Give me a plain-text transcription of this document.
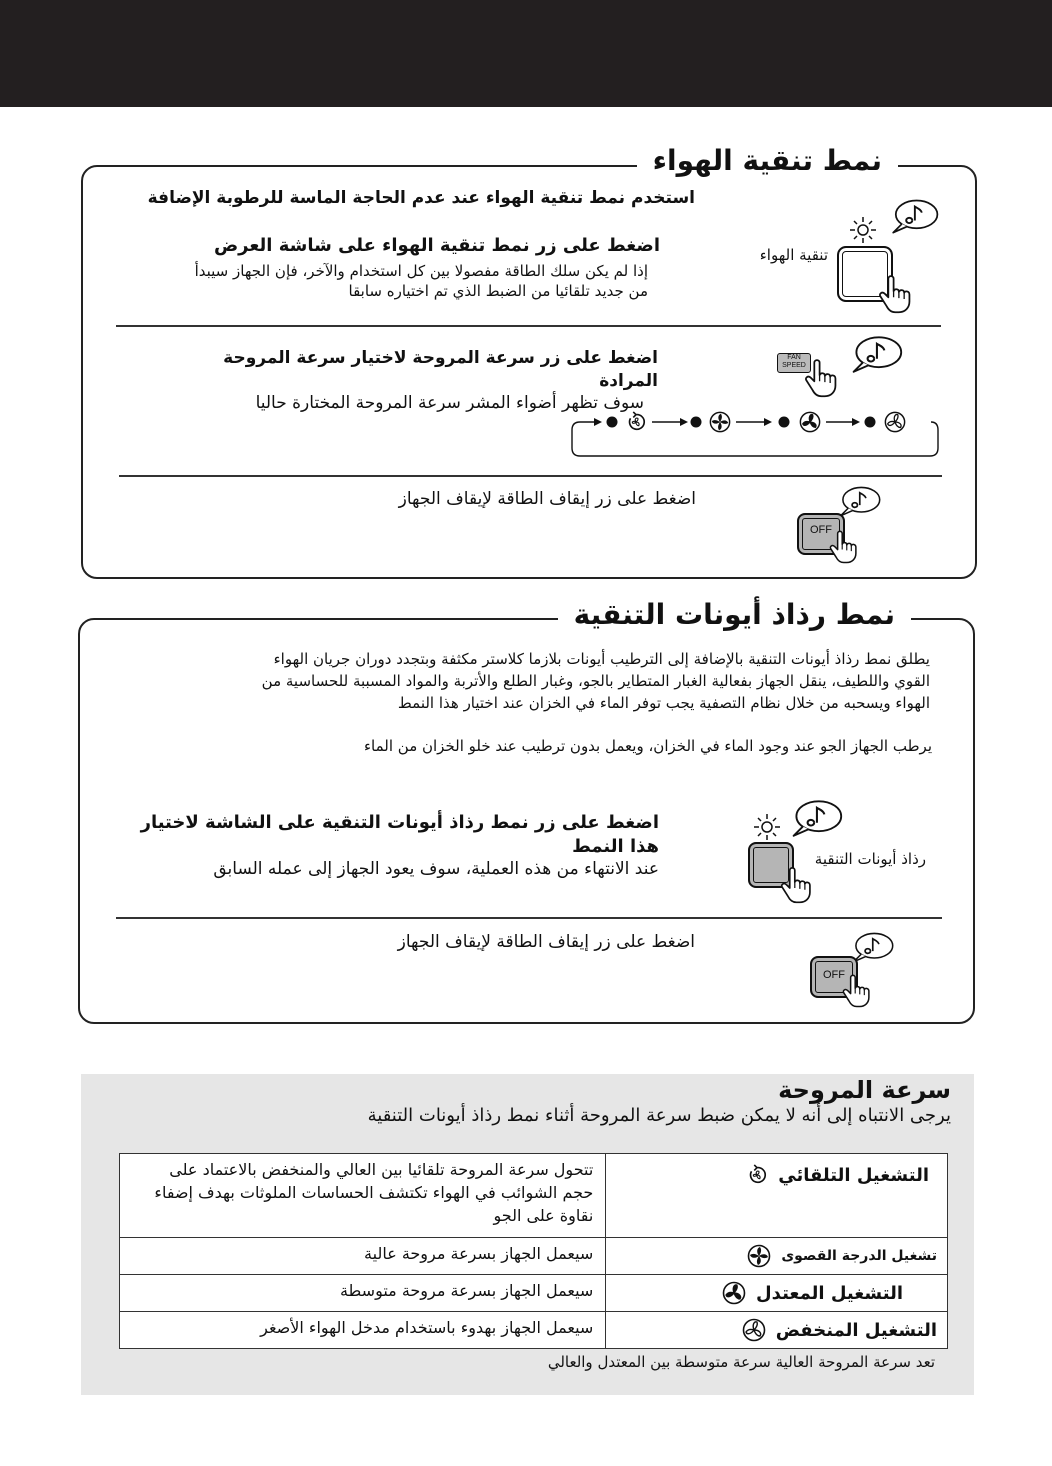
نمط تنقية الهواء
استخدم نمط تنقية الهواء عند عدم الحاجة الماسة للرطوبة الإضافة
اضغط على زر نمط تنقية الهواء على شاشة العرض
إذا لم يكن سلك الطاقة مفصولا بين كل استخدام والآخر، فإن الجهاز سيبدأ
من جديد تلقائيا من الضبط الذي تم اختياره سابقا
تنقية الهواء
اضغط على زر سرعة المروحة لاختيار سرعة المروحة
المرادة
سوف تظهر أضواء المشر سرعة المروحة المختارة حاليا
FAN
SPEED
اضغط على زر إيقاف الطاقة لإيقاف الجهاز
OFF
نمط رذاذ أيونات التنقية
يطلق نمط رذاذ أيونات التنقية بالإضافة إلى الترطيب أيونات بلازما كلاستر مكثفة وبتجدد دوران جريان الهواء
القوي واللطيف، ينقل الجهاز بفعالية الغبار المتطاير بالجو، وغبار الطلع والأتربة والمواد المسببة للحساسية من
الهواء ويسحبه من خلال نظام التصفية يجب توفر الماء في الخزان عند اختيار هذا النمط
يرطب الجهاز الجو عند وجود الماء في الخزان، ويعمل بدون ترطيب عند خلو الخزان من الماء
اضغط على زر نمط رذاذ أيونات التنقية على الشاشة لاختيار
هذا النمط
عند الانتهاء من هذه العملية، سوف يعود الجهاز إلى عمله السابق	رذاذ أيونات التنقية
اضغط على زر إيقاف الطاقة لإيقاف الجهاز
OFF
سرعة المروحة
يرجى الانتباه إلى أنه لا يمكن ضبط سرعة المروحة أثناء نمط رذاذ أيونات التنقية
التشغيل التلقائي	تتحول سرعة المروحة تلقائيا بين العالي والمنخفض بالاعتماد على
حجم الشوائب في الهواء تكتشف الحساسات الملوثات بهدف إضفاء
نقاوة على الجو

تشغيل الدرجة القصوى	سيعمل الجهاز بسرعة مروحة عالية

التشغيل المعتدل	سيعمل الجهاز بسرعة مروحة متوسطة

التشغيل المنخفض	سيعمل الجهاز بهدوء باستخدام مدخل الهواء الأصغر
تعد سرعة المروحة العالية سرعة متوسطة بين المعتدل والعالي
